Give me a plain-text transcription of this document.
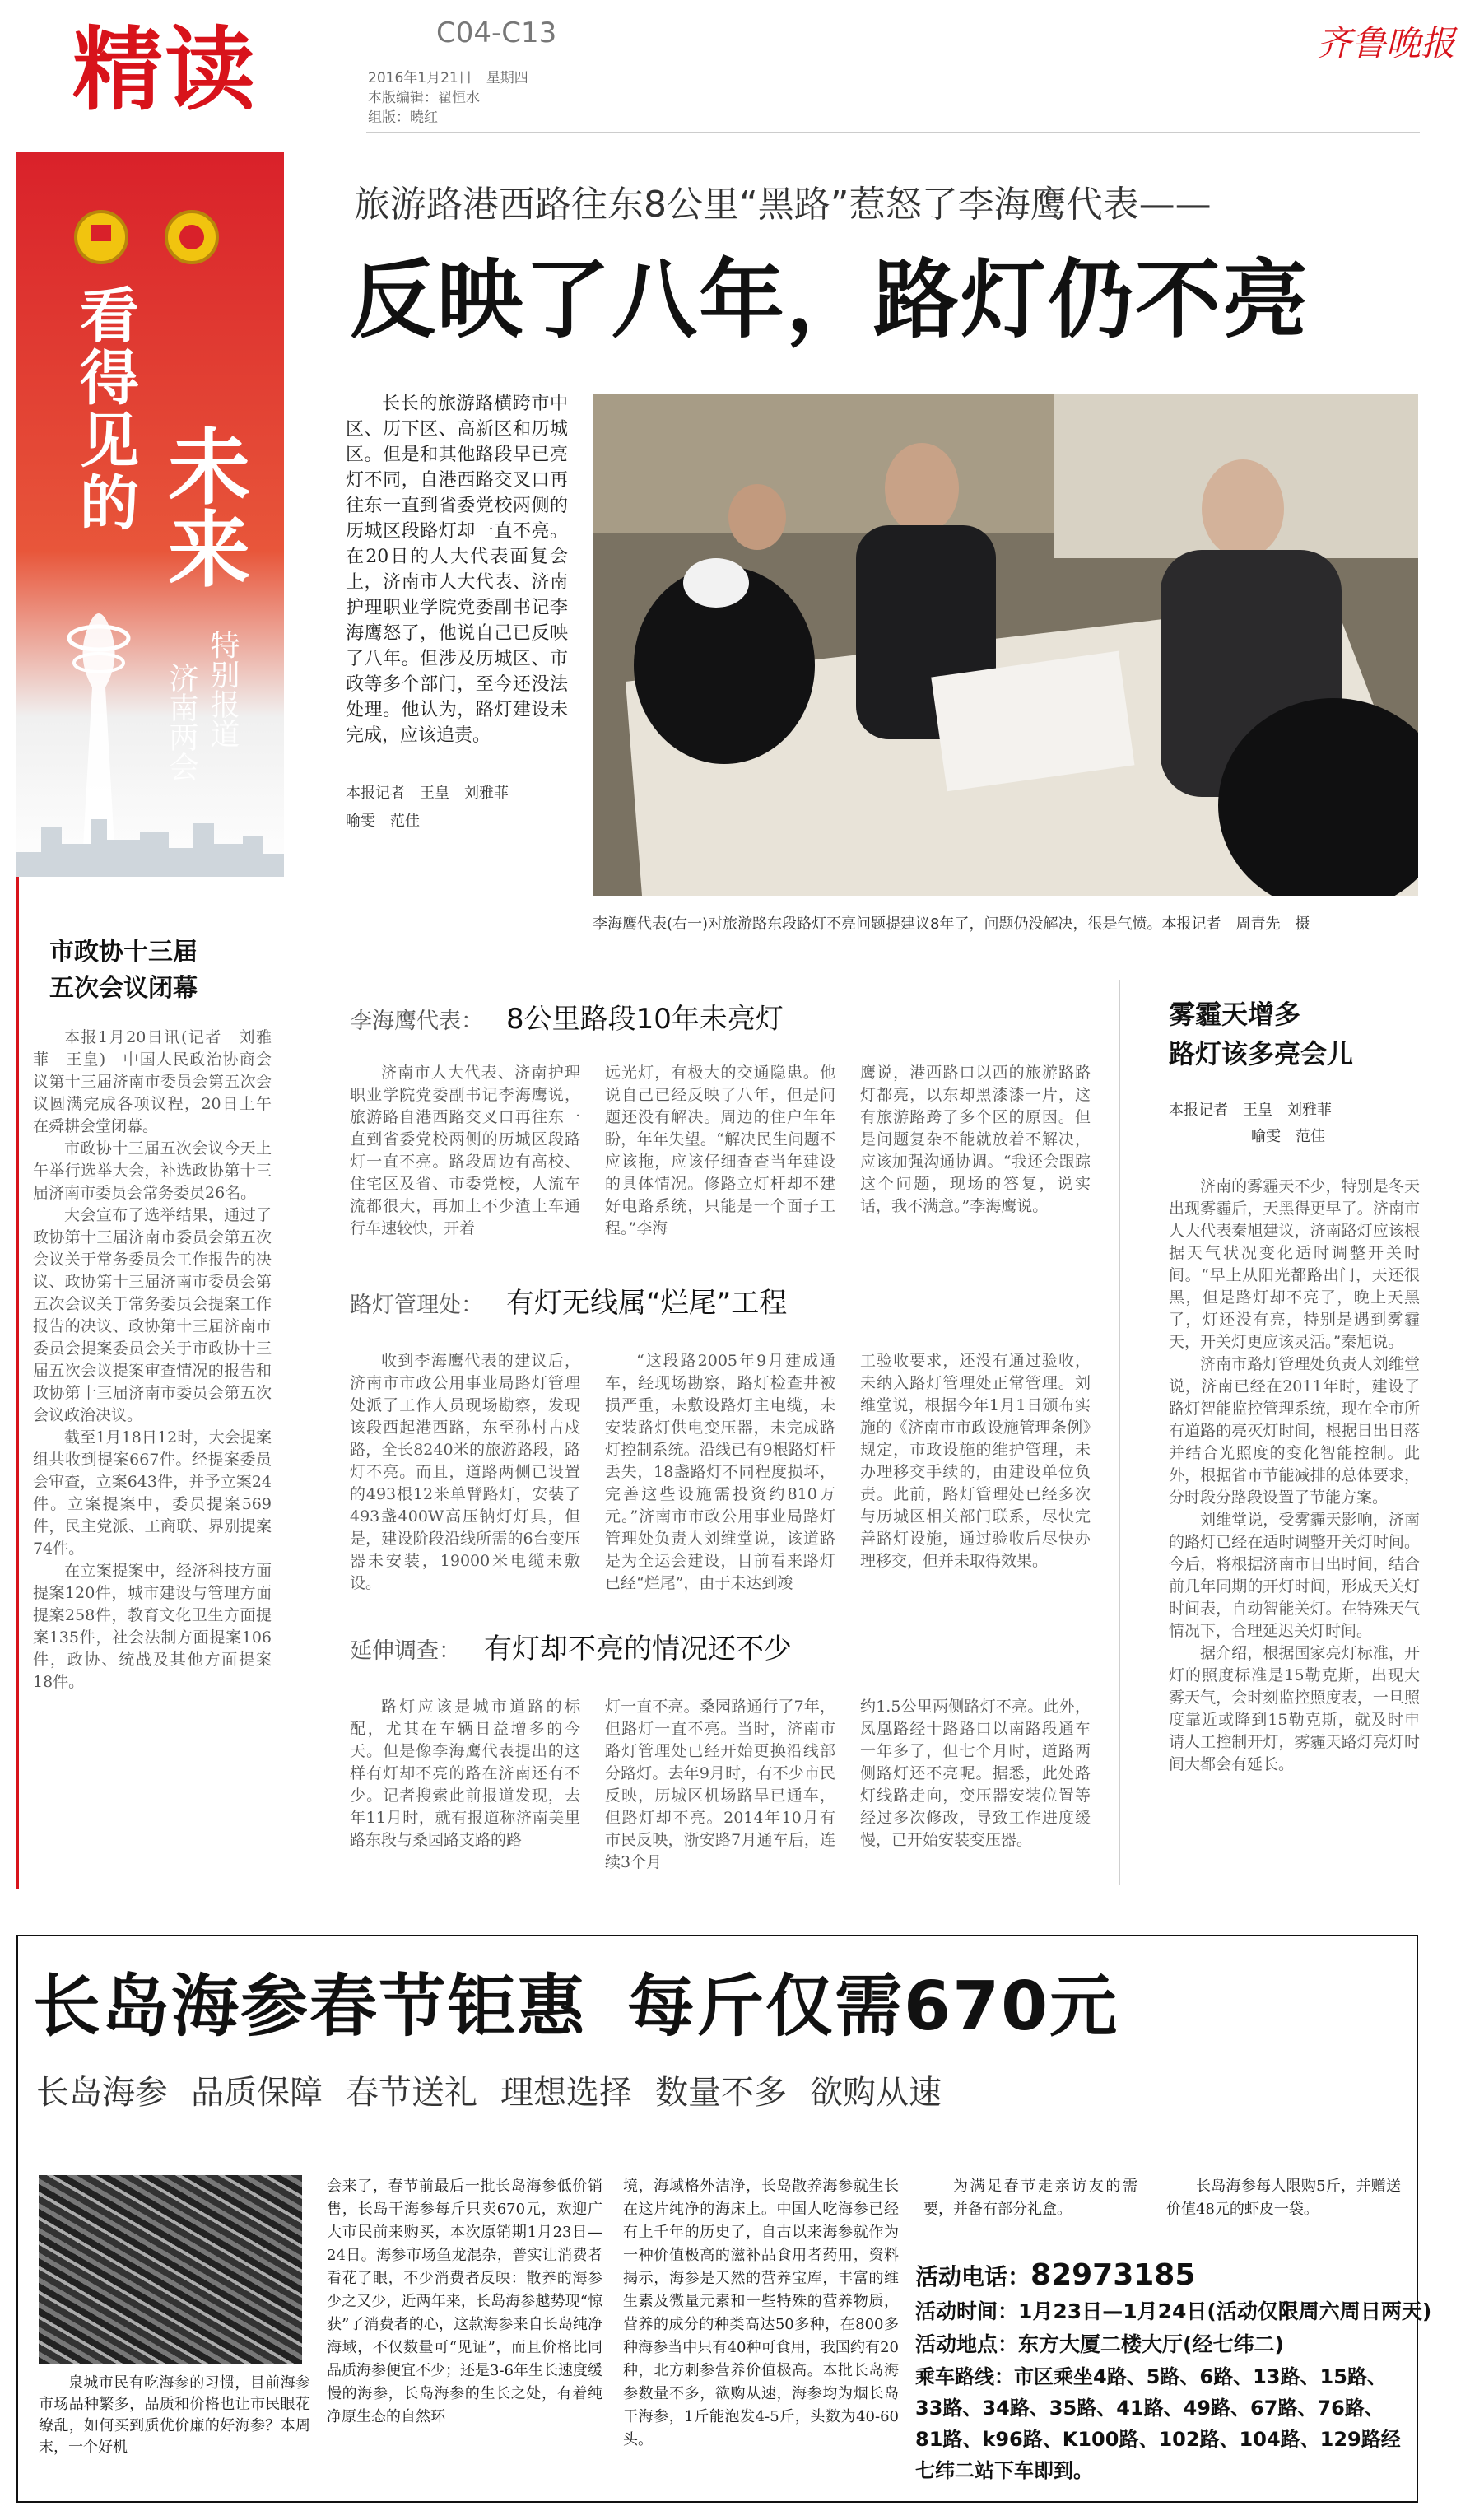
精读	C04-C13
2016年1月21日　星期四
本版编辑：翟恒水
组版：曉红
齐鲁晚报
看得见的 未来
济南两会 特别报道
市政协十三届
五次会议闭幕

本报1月20日讯(记者　刘雅菲　王皇)　中国人民政治协商会议第十三届济南市委员会第五次会议圆满完成各项议程，20日上午在舜耕会堂闭幕。

市政协十三届五次会议今天上午举行选举大会，补选政协第十三届济南市委员会常务委员26名。

大会宣布了选举结果，通过了政协第十三届济南市委员会第五次会议关于常务委员会工作报告的决议、政协第十三届济南市委员会第五次会议关于常务委员会提案工作报告的决议、政协第十三届济南市委员会提案委员会关于市政协十三届五次会议提案审查情况的报告和政协第十三届济南市委员会第五次会议政治决议。

截至1月18日12时，大会提案组共收到提案667件。经提案委员会审查，立案643件，并予立案24件。立案提案中，委员提案569件，民主党派、工商联、界别提案74件。

在立案提案中，经济科技方面提案120件，城市建设与管理方面提案258件，教育文化卫生方面提案135件，社会法制方面提案106件，政协、统战及其他方面提案18件。

旅游路港西路往东8公里“黑路”惹怒了李海鹰代表——
反映了八年，路灯仍不亮

长长的旅游路横跨市中区、历下区、高新区和历城区。但是和其他路段早已亮灯不同，自港西路交叉口再往东一直到省委党校两侧的历城区段路灯却一直不亮。在20日的人大代表面复会上，济南市人大代表、济南护理职业学院党委副书记李海鹰怒了，他说自己已反映了八年。但涉及历城区、市政等多个部门，至今还没法处理。他认为，路灯建设未完成，应该追责。

本报记者　王皇　刘雅菲
喻雯　范佳
李海鹰代表(右一)对旅游路东段路灯不亮问题提建议8年了，问题仍没解决，很是气愤。本报记者　周青先　摄
李海鹰代表： 8公里路段10年未亮灯

济南市人大代表、济南护理职业学院党委副书记李海鹰说，旅游路自港西路交叉口再往东一直到省委党校两侧的历城区段路灯一直不亮。路段周边有高校、住宅区及省、市委党校，人流车流都很大，再加上不少渣土车通行车速较快，开着

远光灯，有极大的交通隐患。他说自己已经反映了八年，但是问题还没有解决。周边的住户年年盼，年年失望。“解决民生问题不应该拖，应该仔细查查当年建设的具体情况。修路立灯杆却不建好电路系统，只能是一个面子工程。”李海

鹰说，港西路口以西的旅游路路灯都亮，以东却黑漆漆一片，这有旅游路跨了多个区的原因。但是问题复杂不能就放着不解决，应该加强沟通协调。“我还会跟踪这个问题，现场的答复，说实话，我不满意。”李海鹰说。

路灯管理处： 有灯无线属“烂尾”工程

收到李海鹰代表的建议后，济南市市政公用事业局路灯管理处派了工作人员现场勘察，发现该段西起港西路，东至孙村古戍路，全长8240米的旅游路段，路灯不亮。而且，道路两侧已设置的493根12米单臂路灯，安装了493盏400W高压钠灯灯具，但是，建设阶段沿线所需的6台变压器未安装，19000米电缆未敷设。

“这段路2005年9月建成通车，经现场勘察，路灯检查井被损严重，未敷设路灯主电缆，未安装路灯供电变压器，未完成路灯控制系统。沿线已有9根路灯杆丢失，18盏路灯不同程度损坏，完善这些设施需投资约810万元。”济南市市政公用事业局路灯管理处负责人刘维堂说，该道路是为全运会建设，目前看来路灯已经“烂尾”，由于未达到竣

工验收要求，还没有通过验收，未纳入路灯管理处正常管理。刘维堂说，根据今年1月1日颁布实施的《济南市市政设施管理条例》规定，市政设施的维护管理，未办理移交手续的，由建设单位负责。此前，路灯管理处已经多次与历城区相关部门联系，尽快完善路灯设施，通过验收后尽快办理移交，但并未取得效果。

延伸调查： 有灯却不亮的情况还不少

路灯应该是城市道路的标配，尤其在车辆日益增多的今天。但是像李海鹰代表提出的这样有灯却不亮的路在济南还有不少。记者搜索此前报道发现，去年11月时，就有报道称济南美里路东段与桑园路支路的路

灯一直不亮。桑园路通行了7年，但路灯一直不亮。当时，济南市路灯管理处已经开始更换沿线部分路灯。去年9月时，有不少市民反映，历城区机场路旱已通车，但路灯却不亮。2014年10月有市民反映，浙安路7月通车后，连续3个月

约1.5公里两侧路灯不亮。此外，凤凰路经十路路口以南路段通车一年多了，但七个月时，道路两侧路灯还不亮呢。据悉，此处路灯线路走向，变压器安装位置等经过多次修改，导致工作进度缓慢，已开始安装变压器。

雾霾天增多
路灯该多亮会儿
本报记者　王皇　刘雅菲
喻雯　范佳

济南的雾霾天不少，特别是冬天出现雾霾后，天黑得更早了。济南市人大代表秦旭建议，济南路灯应该根据天气状况变化适时调整开关时间。“早上从阳光都路出门，天还很黑，但是路灯却不亮了，晚上天黑了，灯还没有亮，特别是遇到雾霾天，开关灯更应该灵活。”秦旭说。

济南市路灯管理处负责人刘维堂说，济南已经在2011年时，建设了路灯智能监控管理系统，现在全市所有道路的亮灭灯时间，根据日出日落并结合光照度的变化智能控制。此外，根据省市节能减排的总体要求，分时段分路段设置了节能方案。

刘维堂说，受雾霾天影响，济南的路灯已经在适时调整开关灯时间。今后，将根据济南市日出时间，结合前几年同期的开灯时间，形成天关灯时间表，自动智能关灯。在特殊天气情况下，合理延迟关灯时间。

据介绍，根据国家亮灯标准，开灯的照度标准是15勒克斯，出现大雾天气，会时刻监控照度表，一旦照度靠近或降到15勒克斯，就及时申请人工控制开灯，雾霾天路灯亮灯时间大都会有延长。

长岛海参春节钜惠 每斤仅需670元
长岛海参 品质保障 春节送礼 理想选择 数量不多 欲购从速

泉城市民有吃海参的习惯，目前海参市场品种繁多，品质和价格也让市民眼花缭乱，如何买到质优价廉的好海参？本周末，一个好机

会来了，春节前最后一批长岛海参低价销售，长岛干海参每斤只卖670元，欢迎广大市民前来购买，本次原销期1月23日—24日。海参市场鱼龙混杂，普实让消费者看花了眼，不少消费者反映：散养的海参少之又少，近两年来，长岛海参越势现“惊获”了消费者的心，这款海参来自长岛纯净海域，不仅数量可“见证”，而且价格比同品质海参便宜不少；还是3-6年生长速度缓慢的海参，长岛海参的生长之处，有着纯净原生态的自然环

境，海域格外洁净，长岛散养海参就生长在这片纯净的海床上。中国人吃海参已经有上千年的历史了，自古以来海参就作为一种价值极高的滋补品食用者药用，资料揭示，海参是天然的营养宝库，丰富的维生素及微量元素和一些特殊的营养物质，营养的成分的种类高达50多种，在800多种海参当中只有40种可食用，我国约有20种，北方刺参营养价值极高。本批长岛海参数量不多，欲购从速，海参均为烟长岛干海参，1斤能泡发4-5斤，头数为40-60头。

为满足春节走亲访友的需要，并备有部分礼盒。

长岛海参每人限购5斤，并赠送价值48元的虾皮一袋。

活动电话：82973185
活动时间：1月23日—1月24日(活动仅限周六周日两天)
活动地点：东方大厦二楼大厅(经七纬二)
乘车路线：市区乘坐4路、5路、6路、13路、15路、33路、34路、35路、41路、49路、67路、76路、81路、k96路、K100路、102路、104路、129路经七纬二站下车即到。
